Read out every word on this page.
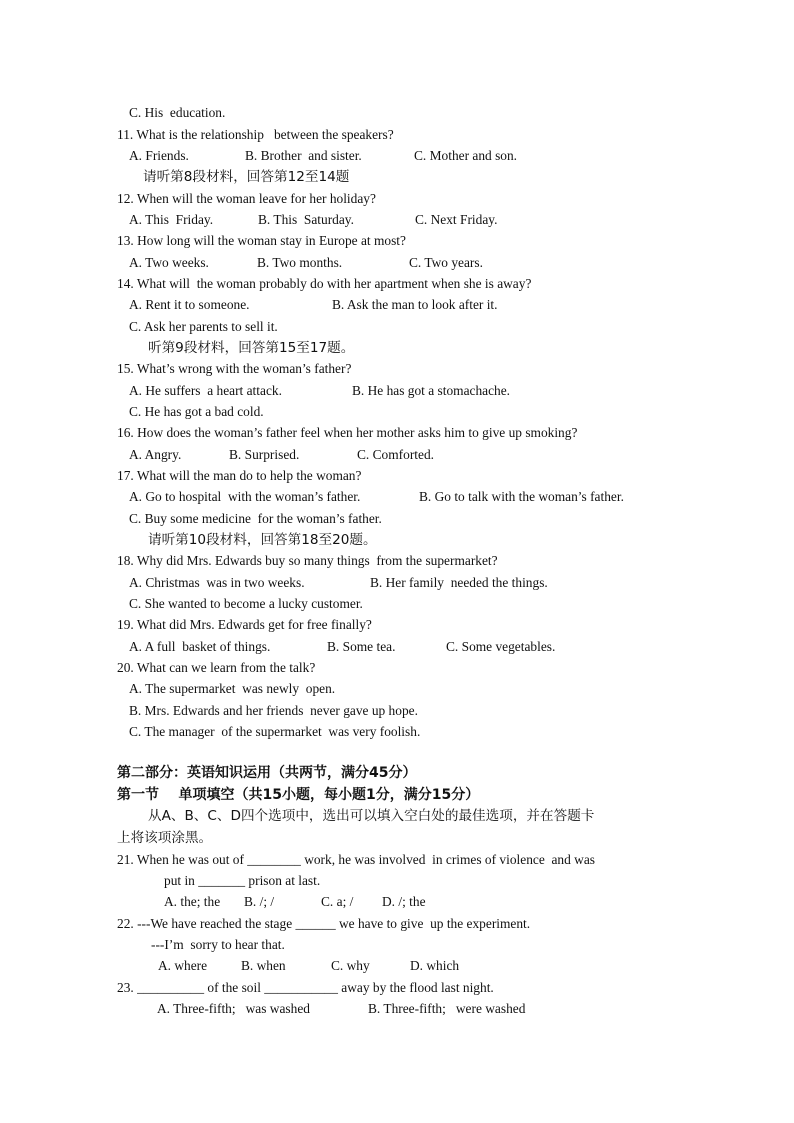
C. His  education.
11. What is the relationship   between the speakers?
A. Friends.	B. Brother  and sister.	C. Mother and son.
请听第8段材料，回答第12至14题
12. When will the woman leave for her holiday?
A. This  Friday.	B. This  Saturday.	C. Next Friday.
13. How long will the woman stay in Europe at most?
A. Two weeks.	B. Two months.	C. Two years.
14. What will  the woman probably do with her apartment when she is away?
A. Rent it to someone.	B. Ask the man to look after it.
C. Ask her parents to sell it.
听第9段材料，回答第15至17题。
15. What’s wrong with the woman’s father?
A. He suffers  a heart attack.	B. He has got a stomachache.
C. He has got a bad cold.
16. How does the woman’s father feel when her mother asks him to give up smoking?
A. Angry.	B. Surprised.	C. Comforted.
17. What will the man do to help the woman?
A. Go to hospital  with the woman’s father.	B. Go to talk with the woman’s father.
C. Buy some medicine  for the woman’s father.
请听第10段材料，回答第18至20题。
18. Why did Mrs. Edwards buy so many things  from the supermarket?
A. Christmas  was in two weeks.	B. Her family  needed the things.
C. She wanted to become a lucky customer.
19. What did Mrs. Edwards get for free finally?
A. A full  basket of things.	B. Some tea.	C. Some vegetables.
20. What can we learn from the talk?
A. The supermarket  was newly  open.
B. Mrs. Edwards and her friends  never gave up hope.
C. The manager  of the supermarket  was very foolish.
第二部分：英语知识运用（共两节，满分45分）
第一节    单项填空（共15小题，每小题1分，满分15分）
从A、B、C、D四个选项中，选出可以填入空白处的最佳选项，并在答题卡
上将该项涂黑。
21. When he was out of ________ work, he was involved  in crimes of violence  and was
put in _______ prison at last.
A. the; the B. /; /	C. a; / D. /; the
22. ---We have reached the stage ______ we have to give  up the experiment.
---I’m  sorry to hear that.
A. where	B. when	C. why	D. which
23. __________ of the soil ___________ away by the flood last night.
A. Three-fifth;   was washed	B. Three-fifth;   were washed
